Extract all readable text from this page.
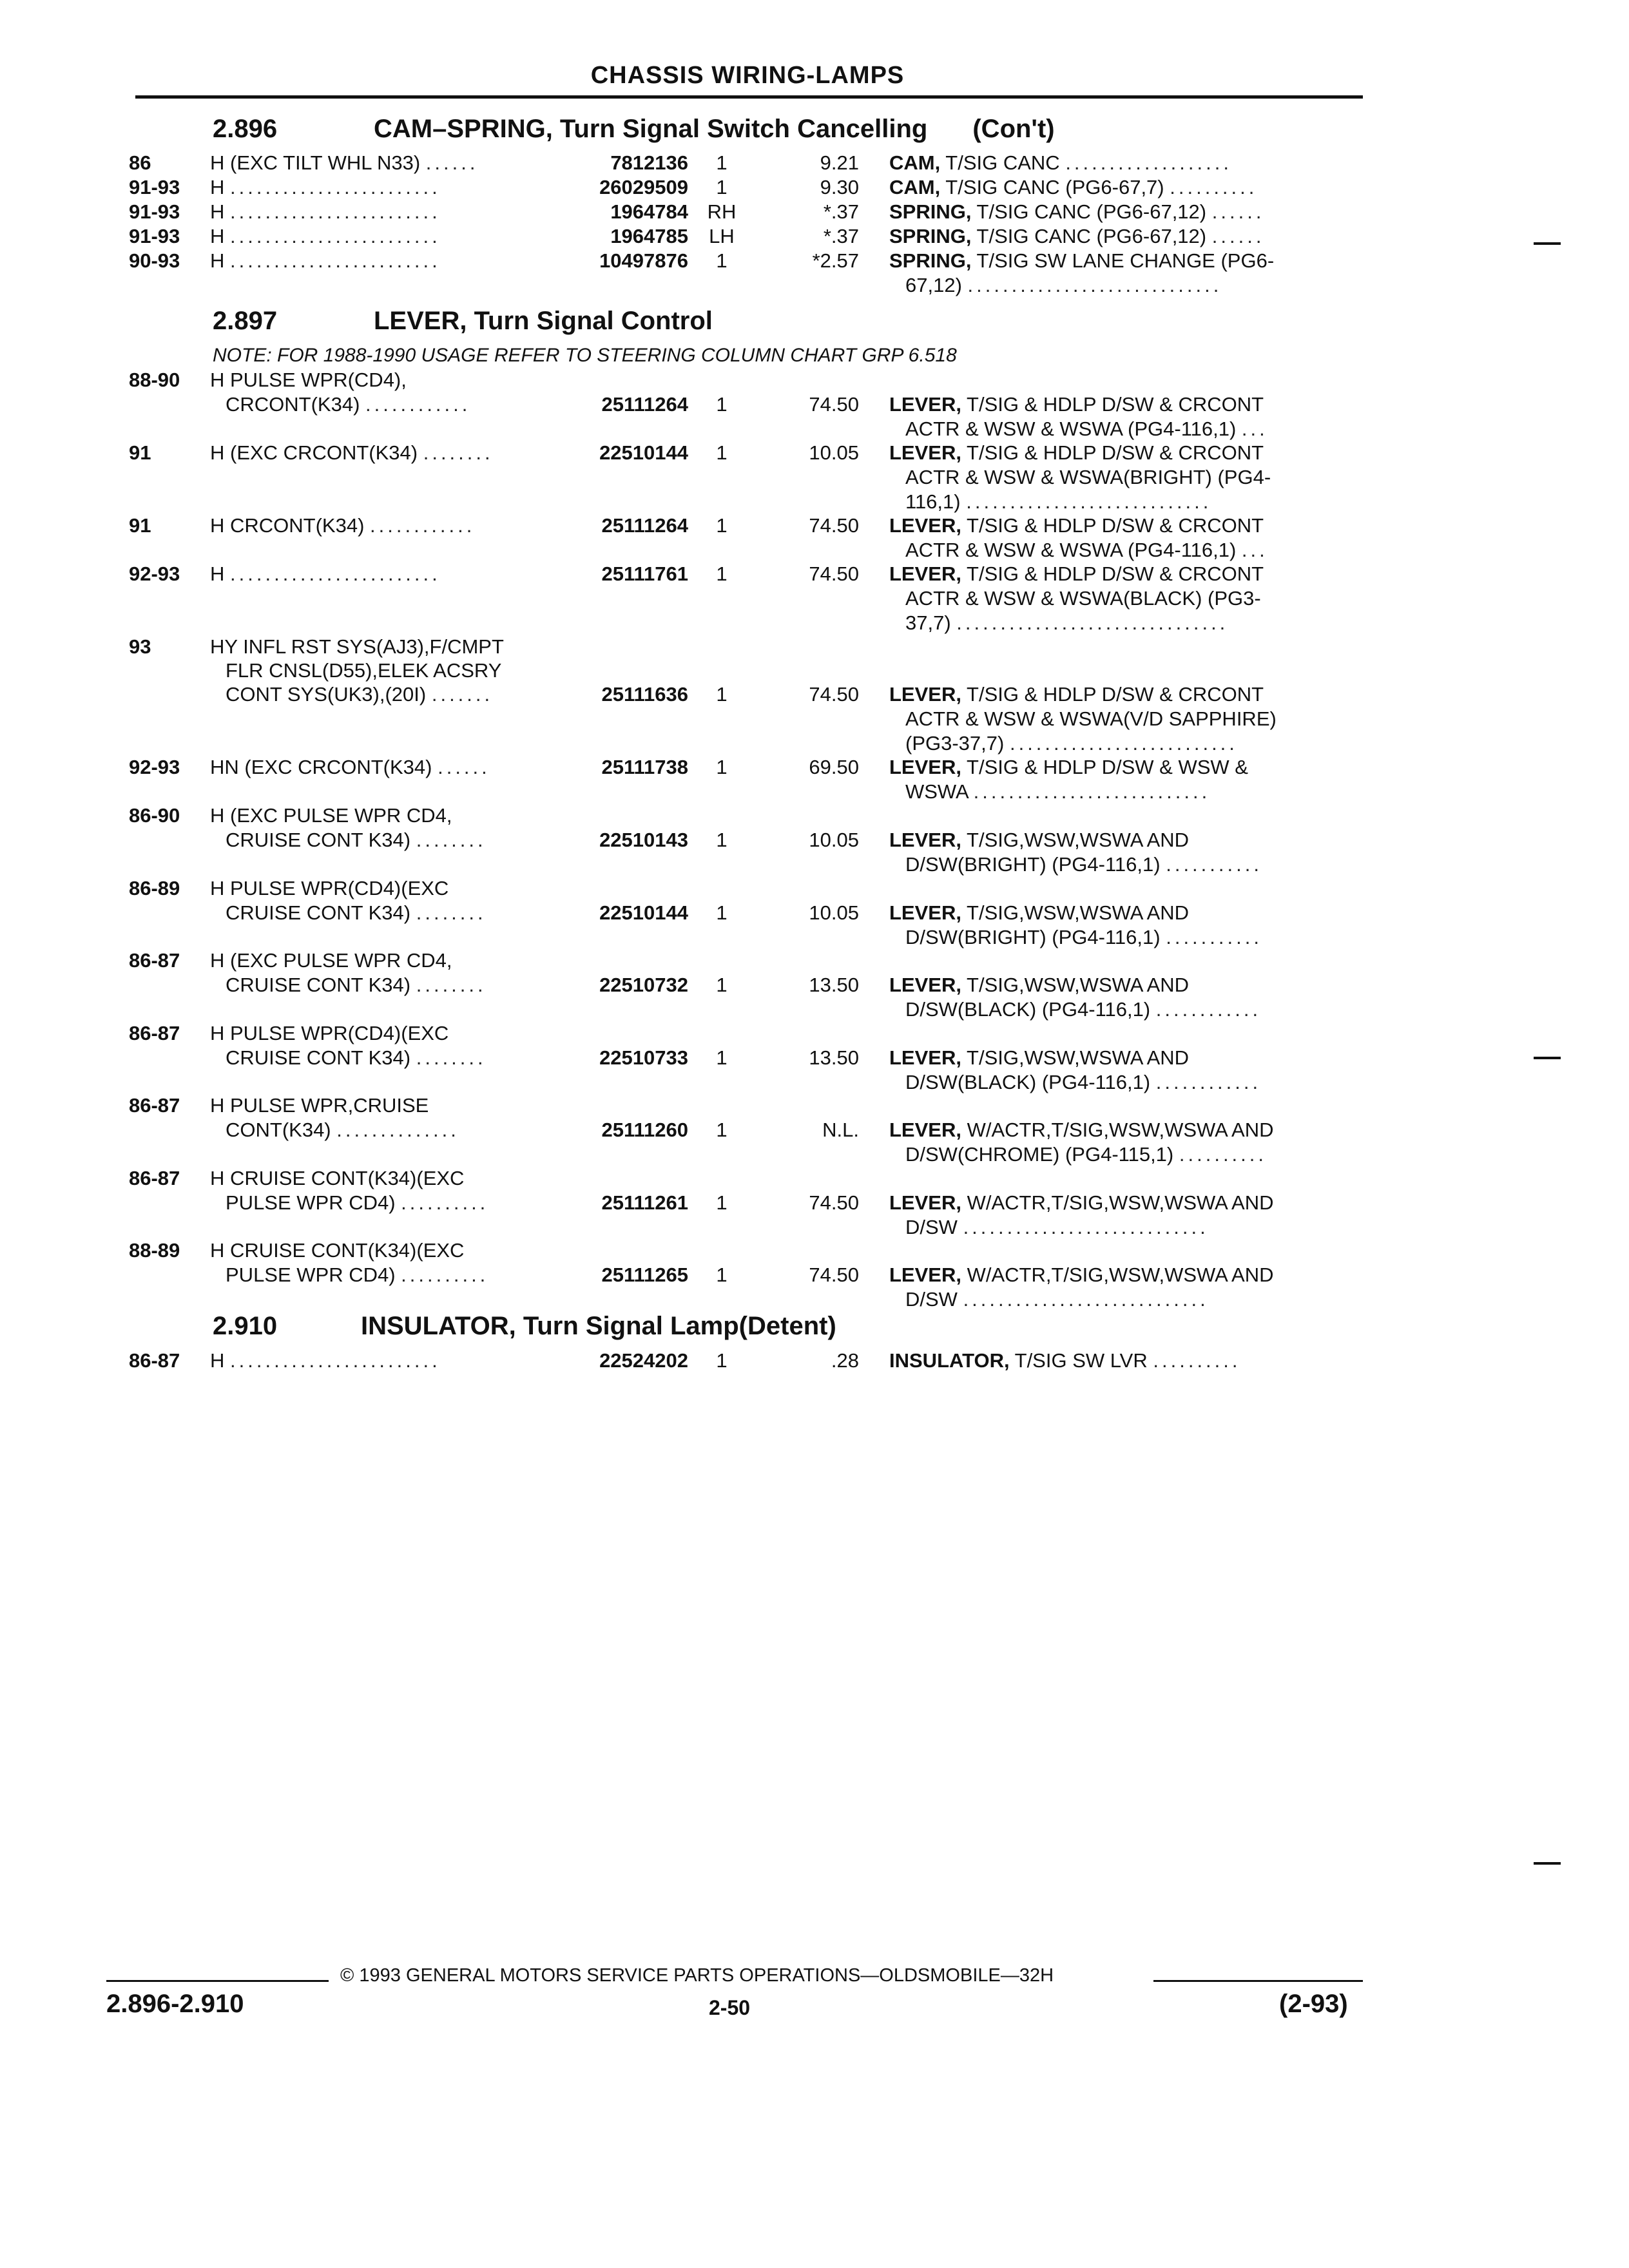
CHASSIS WIRING-LAMPS
2.896	CAM–SPRING, Turn Signal Switch Cancelling (Con't)
86	H (EXC TILT WHL N33) ......	7812136	1	9.21 CAM, T/SIG CANC ...................
91-93 H ........................	26029509	1	9.30 CAM, T/SIG CANC (PG6-67,7) ..........
91-93 H ........................	1964784 RH	*.37 SPRING, T/SIG CANC (PG6-67,12) ......
91-93 H ........................	1964785	LH	*.37 SPRING, T/SIG CANC (PG6-67,12) ......
90-93 H ........................	10497876	1	*2.57 SPRING, T/SIG SW LANE CHANGE (PG6-
67,12) .............................
2.897	LEVER, Turn Signal Control
NOTE: FOR 1988-1990 USAGE REFER TO STEERING COLUMN CHART GRP 6.518
88-90 H PULSE WPR(CD4),
CRCONT(K34) ............	25111264	1	74.50 LEVER, T/SIG & HDLP D/SW & CRCONT
ACTR & WSW & WSWA (PG4-116,1) ...
91	H (EXC CRCONT(K34) ........	22510144	1	10.05 LEVER, T/SIG & HDLP D/SW & CRCONT
ACTR & WSW & WSWA(BRIGHT) (PG4-
116,1) ............................
91	H CRCONT(K34) ............	25111264	1	74.50 LEVER, T/SIG & HDLP D/SW & CRCONT
ACTR & WSW & WSWA (PG4-116,1) ...
92-93 H ........................	25111761	1	74.50 LEVER, T/SIG & HDLP D/SW & CRCONT
ACTR & WSW & WSWA(BLACK) (PG3-
37,7) ...............................
93	HY INFL RST SYS(AJ3),F/CMPT
FLR CNSL(D55),ELEK ACSRY
CONT SYS(UK3),(20I) .......	25111636	1	74.50 LEVER, T/SIG & HDLP D/SW & CRCONT
ACTR & WSW & WSWA(V/D SAPPHIRE)
(PG3-37,7) ..........................
92-93 HN (EXC CRCONT(K34) ......	25111738	1	69.50 LEVER, T/SIG & HDLP D/SW & WSW &
WSWA ...........................
86-90 H (EXC PULSE WPR CD4,
CRUISE CONT K34) ........	22510143	1	10.05 LEVER, T/SIG,WSW,WSWA AND
D/SW(BRIGHT) (PG4-116,1) ...........
86-89 H PULSE WPR(CD4)(EXC
CRUISE CONT K34) ........	22510144	1	10.05 LEVER, T/SIG,WSW,WSWA AND
D/SW(BRIGHT) (PG4-116,1) ...........
86-87 H (EXC PULSE WPR CD4,
CRUISE CONT K34) ........	22510732	1	13.50 LEVER, T/SIG,WSW,WSWA AND
D/SW(BLACK) (PG4-116,1) ............
86-87 H PULSE WPR(CD4)(EXC
CRUISE CONT K34) ........	22510733	1	13.50 LEVER, T/SIG,WSW,WSWA AND
D/SW(BLACK) (PG4-116,1) ............
86-87 H PULSE WPR,CRUISE
CONT(K34) ..............	25111260	1	N.L. LEVER, W/ACTR,T/SIG,WSW,WSWA AND
D/SW(CHROME) (PG4-115,1) ..........
86-87 H CRUISE CONT(K34)(EXC
PULSE WPR CD4) ..........	25111261	1	74.50 LEVER, W/ACTR,T/SIG,WSW,WSWA AND
D/SW ............................
88-89 H CRUISE CONT(K34)(EXC
PULSE WPR CD4) ..........	25111265	1	74.50 LEVER, W/ACTR,T/SIG,WSW,WSWA AND
D/SW ............................
2.910	INSULATOR, Turn Signal Lamp(Detent)
86-87 H ........................	22524202	1	.28 INSULATOR, T/SIG SW LVR ..........
© 1993 GENERAL MOTORS SERVICE PARTS OPERATIONS—OLDSMOBILE—32H
2.896-2.910	2-50	(2-93)
